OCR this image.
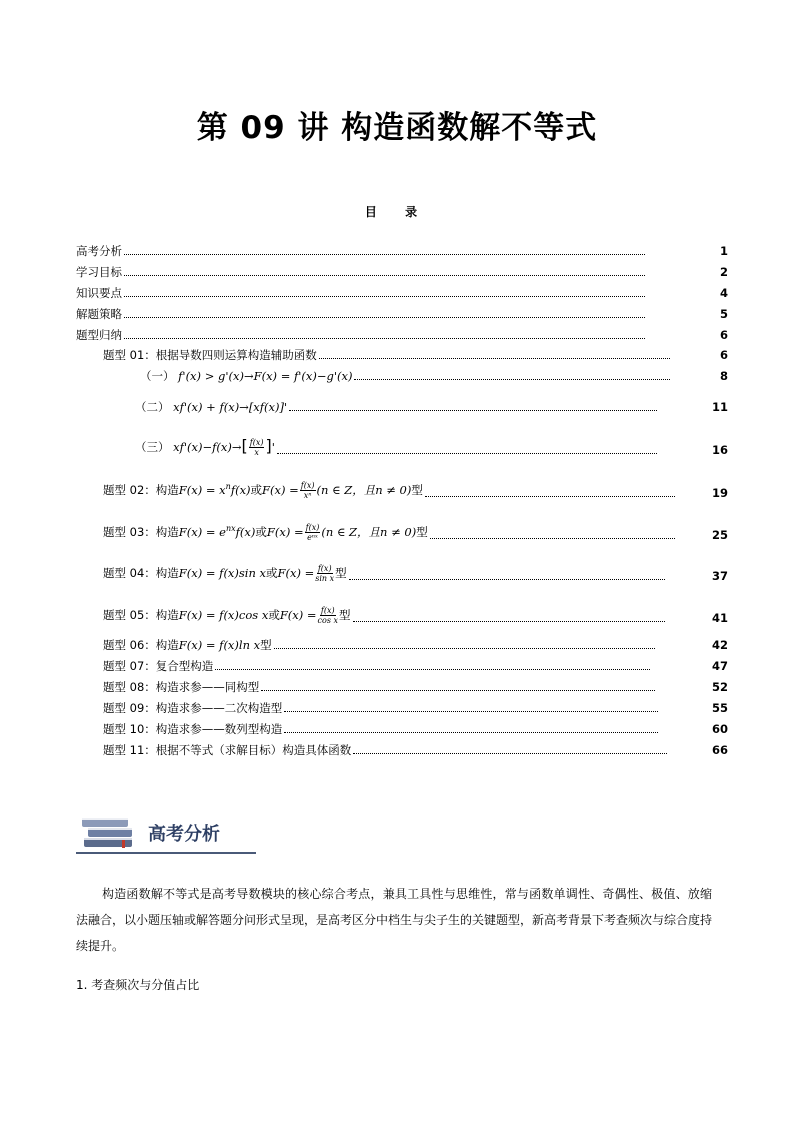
第 09 讲 构造函数解不等式
目 录
高考分析	1
学习目标	2
知识要点	4
解题策略	5
题型归纳	6
题型 01：根据导数四则运算构造辅助函数	6
（一） f'(x) > g'(x)→F(x) = f'(x)−g'(x)	8
（二） xf'(x) + f(x)→[xf(x)]'	11
（三） $xf'(x)-f(x)\to[ \frac{f(x)}{x}$ ]'	16
题型 02：构造$F(x) = x^nf(x)$或$F(x) = \frac{f(x)}{\text{xⁿ}} (n$ ∈ Z，且n ≠ 0)型	19
题型 03：构造$F(x) = e^{nx}f(x)$或$F(x) = \frac{f(x)}{\text{eⁿˣ}} (n$ ∈ Z，且n ≠ 0)型	25
题型 04：构造F(x) = f(x)sin x或$F(x) = \frac{f(x)}{\text{sin x}}$ 型	37
题型 05：构造F(x) = f(x)cos x或$F(x) = \frac{f(x)}{\text{cos x}}$ 型	41
题型 06：构造F(x) = f(x)ln x型	42
题型 07：复合型构造	47
题型 08：构造求参——同构型	52
题型 09：构造求参——二次构造型	55
题型 10：构造求参——数列型构造	60
题型 11：根据不等式（求解目标）构造具体函数	66
高考分析

构造函数解不等式是高考导数模块的核心综合考点，兼具工具性与思维性，常与函数单调性、奇偶性、极值、放缩法融合，以小题压轴或解答题分问形式呈现，是高考区分中档生与尖子生的关键题型，新高考背景下考查频次与综合度持续提升。

1. 考查频次与分值占比
